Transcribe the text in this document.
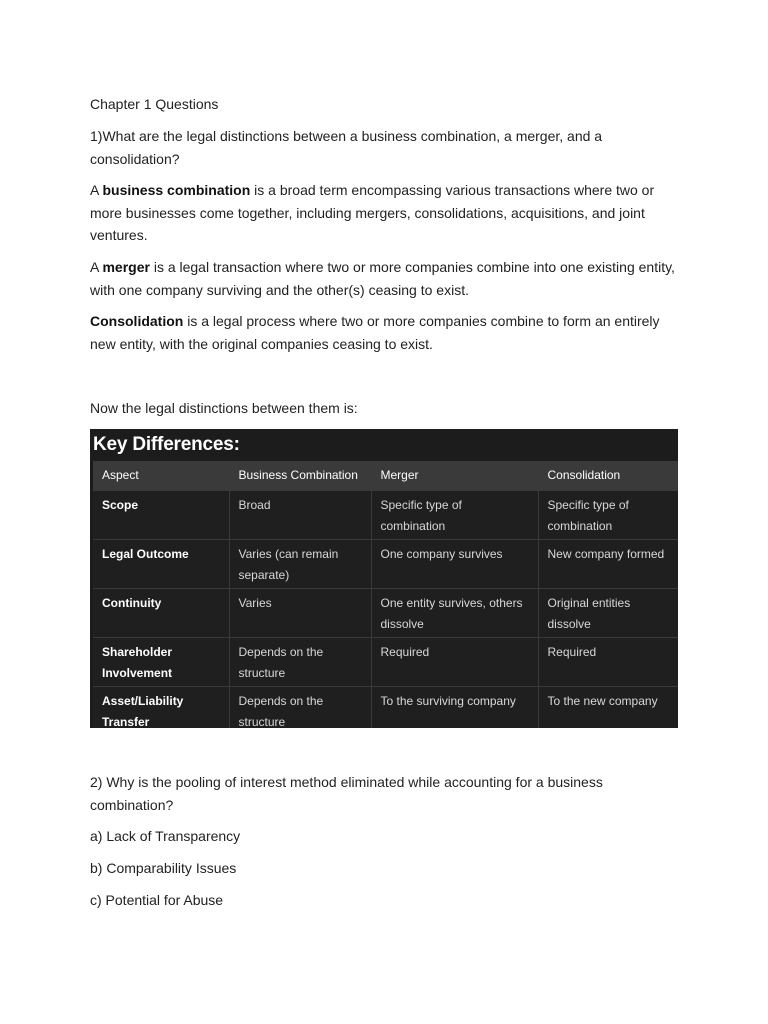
Chapter 1 Questions

1)What are the legal distinctions between a business combination, a merger, and a consolidation?

A business combination is a broad term encompassing various transactions where two or more businesses come together, including mergers, consolidations, acquisitions, and joint ventures.

A merger is a legal transaction where two or more companies combine into one existing entity, with one company surviving and the other(s) ceasing to exist.

Consolidation is a legal process where two or more companies combine to form an entirely new entity, with the original companies ceasing to exist.

Now the legal distinctions between them is:

Key Differences:
Aspect	Business Combination	Merger	Consolidation
Scope	Broad	Specific type of combination	Specific type of combination
Legal Outcome	Varies (can remain separate)	One company survives	New company formed
Continuity	Varies	One entity survives, others dissolve	Original entities dissolve
Shareholder Involvement	Depends on the structure	Required	Required
Asset/Liability Transfer	Depends on the structure	To the surviving company	To the new company

2) Why is the pooling of interest method eliminated while accounting for a business combination?

a) Lack of Transparency

b) Comparability Issues

c) Potential for Abuse
